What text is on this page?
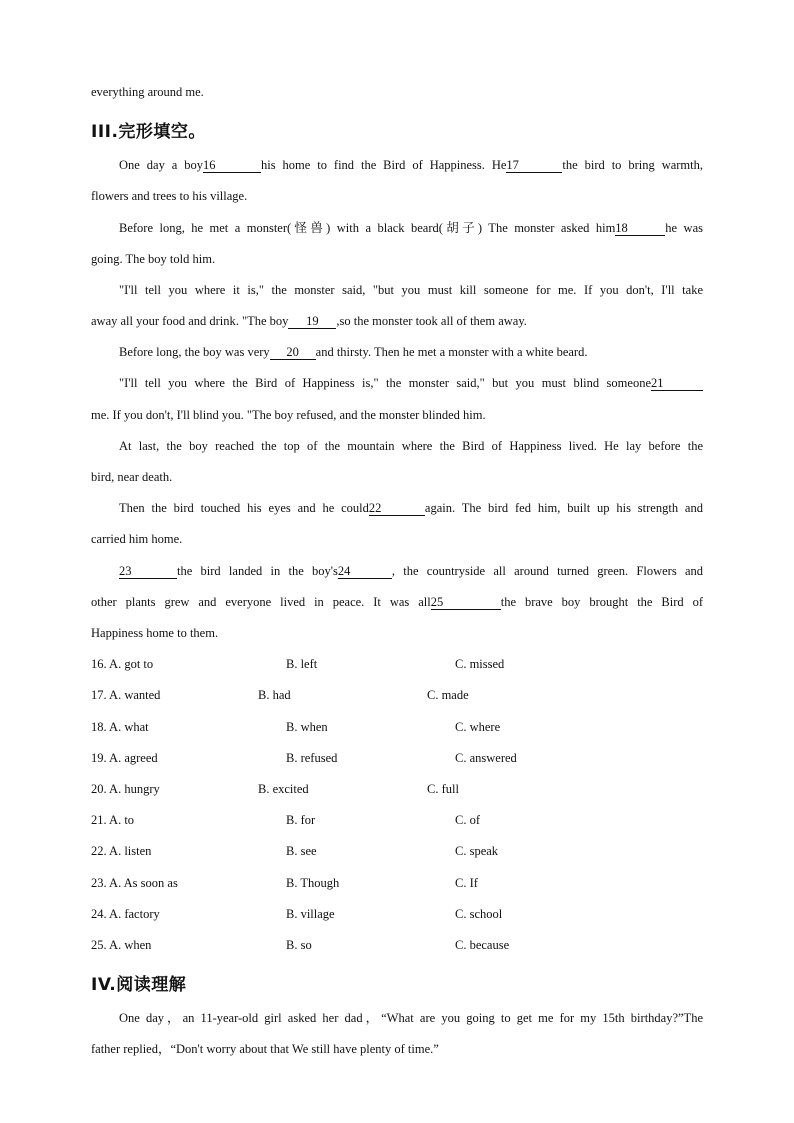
everything around me.
III.完形填空。
One day a boy16	his home to find the Bird of Happiness. He17	the bird to bring warmth,
flowers and trees to his village.
Before long, he met a monster(怪兽) with a black beard(胡子) The monster asked him18	he was
going. The boy told him.
"I'll tell you where it is," the monster said, "but you must kill someone for me. If you don't, I'll take
away all your food and drink. "The boy 19 ,so the monster took all of them away.
Before long, the boy was very 20 and thirsty. Then he met a monster with a white beard.
"I'll tell you where the Bird of Happiness is," the monster said," but you must blind someone21
me. If you don't, I'll blind you. "The boy refused, and the monster blinded him.
At last, the boy reached the top of the mountain where the Bird of Happiness lived. He lay before the
bird, near death.
Then the bird touched his eyes and he could22	again. The bird fed him, built up his strength and
carried him home.
23	the bird landed in the boy's24	, the countryside all around turned green. Flowers and
other plants grew and everyone lived in peace. It was all25	the brave boy brought the Bird of
Happiness home to them.
16. A. got to	B. left	C. missed
17. A. wanted	B. had	C. made
18. A. what	B. when	C. where
19. A. agreed	B. refused	C. answered
20. A. hungry	B. excited	C. full
21. A. to	B. for	C. of
22. A. listen	B. see	C. speak
23. A. As soon as	B. Though	C. If
24. A. factory	B. village	C. school
25. A. when	B. so	C. because
IV.阅读理解
One day，an 11-year-old girl asked her dad，“What are you going to get me for my 15th birthday?”The
father replied，“Don't worry about that We still have plenty of time.”
